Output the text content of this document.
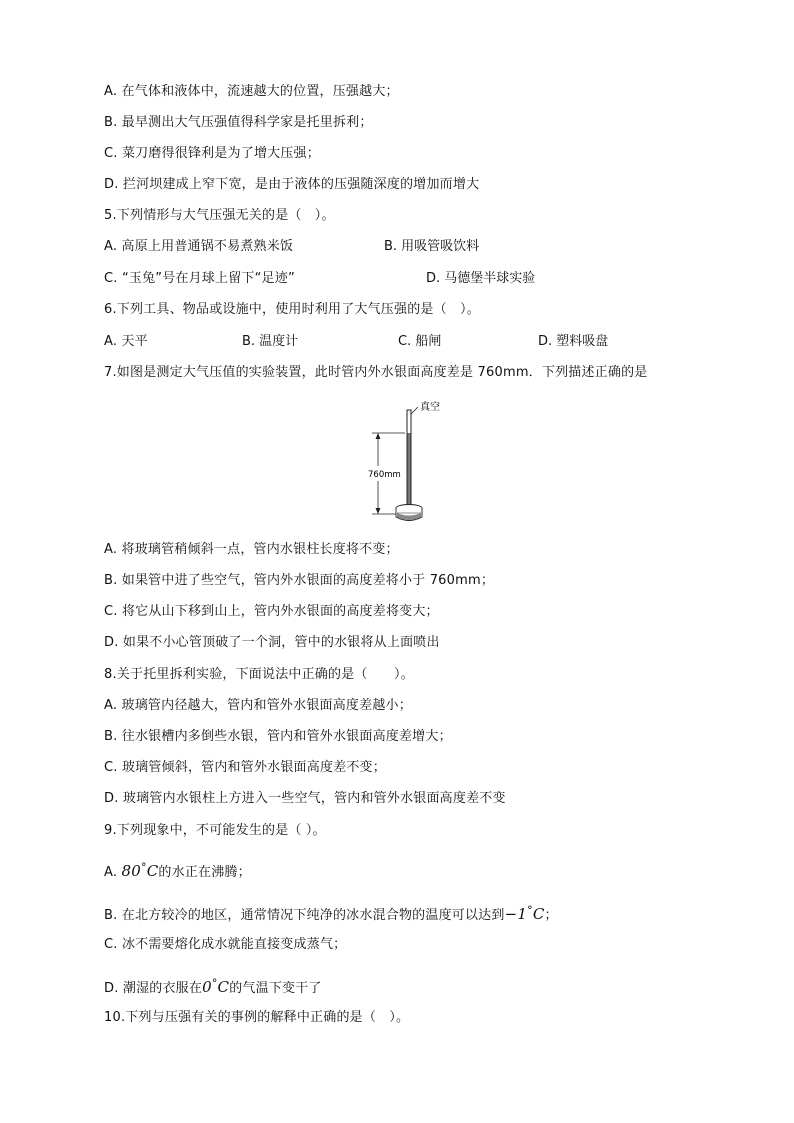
A. 在气体和液体中，流速越大的位置，压强越大；
B. 最早测出大气压强值得科学家是托里拆利；
C. 菜刀磨得很锋利是为了增大压强；
D. 拦河坝建成上窄下宽，是由于液体的压强随深度的增加而增大
5.下列情形与大气压强无关的是（　）。
A. 高原上用普通锅不易煮熟米饭	B. 用吸管吸饮料
C. “玉兔”号在月球上留下“足迹”	D. 马德堡半球实验
6.下列工具、物品或设施中，使用时利用了大气压强的是（　）。
A. 天平	B. 温度计	C. 船闸	D. 塑料吸盘
7.如图是测定大气压值的实验装置，此时管内外水银面高度差是 760mm．下列描述正确的是
真空
760mm
A. 将玻璃管稍倾斜一点，管内水银柱长度将不变；
B. 如果管中进了些空气，管内外水银面的高度差将小于 760mm；
C. 将它从山下移到山上，管内外水银面的高度差将变大；
D. 如果不小心管顶破了一个洞，管中的水银将从上面喷出
8.关于托里拆利实验，下面说法中正确的是（　　）。
A. 玻璃管内径越大，管内和管外水银面高度差越小；
B. 往水银槽内多倒些水银，管内和管外水银面高度差增大；
C. 玻璃管倾斜，管内和管外水银面高度差不变；
D. 玻璃管内水银柱上方进入一些空气，管内和管外水银面高度差不变
9.下列现象中，不可能发生的是（ ）。
A. 80°C的水正在沸腾；
B. 在北方较冷的地区，通常情况下纯净的冰水混合物的温度可以达到−1°C；
C. 冰不需要熔化成水就能直接变成蒸气；
D. 潮湿的衣服在0°C的气温下变干了
10.下列与压强有关的事例的解释中正确的是（　）。
